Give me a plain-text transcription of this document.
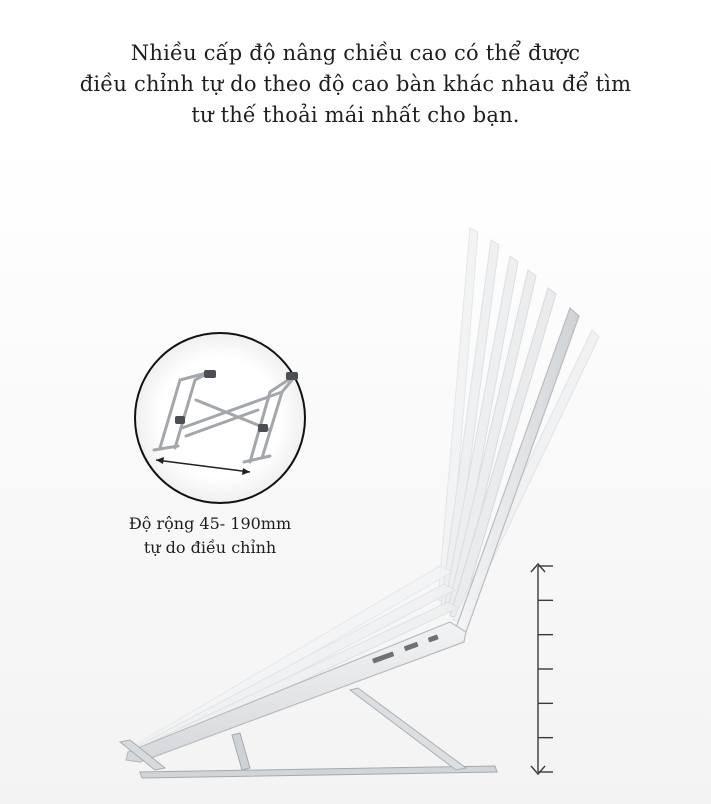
Nhiều cấp độ nâng chiều cao có thể được
điều chỉnh tự do theo độ cao bàn khác nhau để tìm
tư thế thoải mái nhất cho bạn.
Độ rộng 45- 190mm
tự do điều chỉnh
